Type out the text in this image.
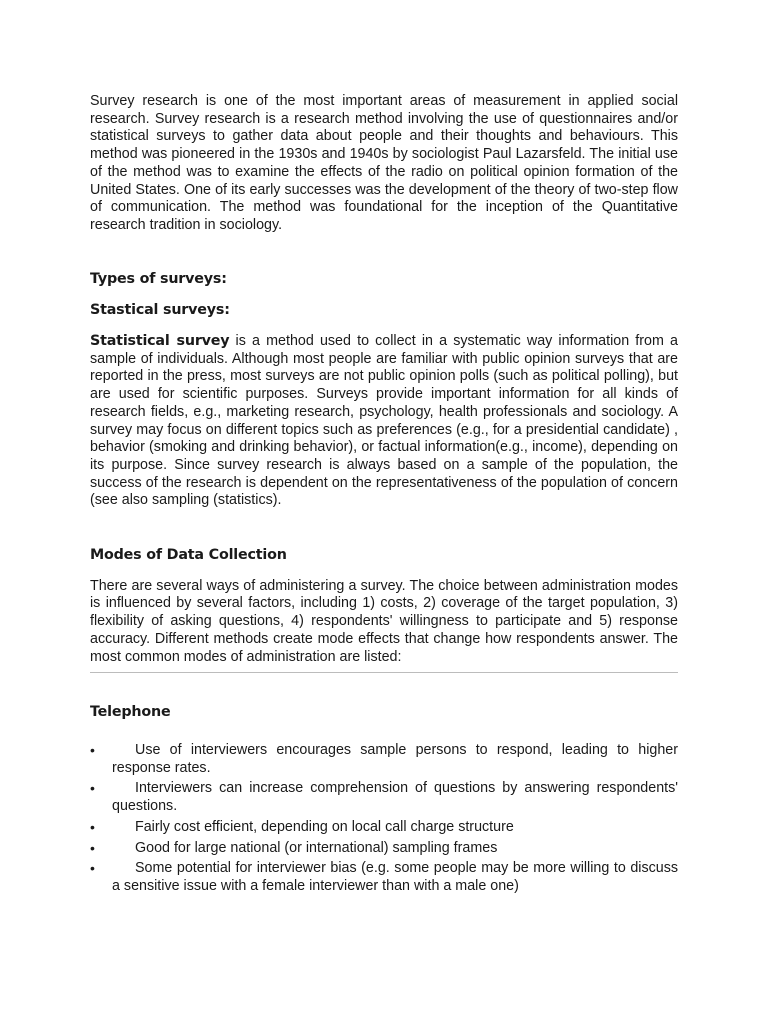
Survey research is one of the most important areas of measurement in applied social research. Survey research is a research method involving the use of questionnaires and/or statistical surveys to gather data about people and their thoughts and behaviours. This method was pioneered in the 1930s and 1940s by sociologist Paul Lazarsfeld. The initial use of the method was to examine the effects of the radio on political opinion formation of the United States. One of its early successes was the development of the theory of two-step flow of communication. The method was foundational for the inception of the Quantitative research tradition in sociology.

Types of surveys:
Stastical surveys:

Statistical survey is a method used to collect in a systematic way information from a sample of individuals. Although most people are familiar with public opinion surveys that are reported in the press, most surveys are not public opinion polls (such as political polling), but are used for scientific purposes. Surveys provide important information for all kinds of research fields, e.g., marketing research, psychology, health professionals and sociology. A survey may focus on different topics such as preferences (e.g., for a presidential candidate) , behavior (smoking and drinking behavior), or factual information(e.g., income), depending on its purpose. Since survey research is always based on a sample of the population, the success of the research is dependent on the representativeness of the population of concern (see also sampling (statistics).

Modes of Data Collection

There are several ways of administering a survey. The choice between administration modes is influenced by several factors, including 1) costs, 2) coverage of the target population, 3) flexibility of asking questions, 4) respondents' willingness to participate and 5) response accuracy. Different methods create mode effects that change how respondents answer. The most common modes of administration are listed:

Telephone
•	Use of interviewers encourages sample persons to respond, leading to higher response rates.
•	Interviewers can increase comprehension of questions by answering respondents' questions.
•	Fairly cost efficient, depending on local call charge structure
•	Good for large national (or international) sampling frames
•	Some potential for interviewer bias (e.g. some people may be more willing to discuss a sensitive issue with a female interviewer than with a male one)
